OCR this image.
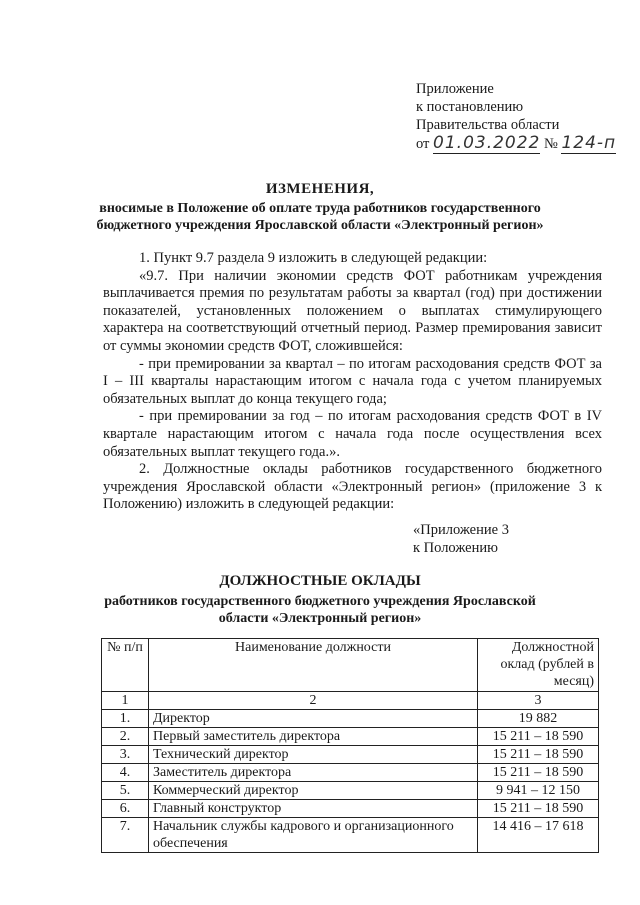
Приложение
к постановлению
Правительства области
от 01.03.2022 № 124-п
ИЗМЕНЕНИЯ,
вносимые в Положение об оплате труда работников государственного
бюджетного учреждения Ярославской области «Электронный регион»

1. Пункт 9.7 раздела 9 изложить в следующей редакции:

«9.7. При наличии экономии средств ФОТ работникам учреждения выплачивается премия по результатам работы за квартал (год) при достижении показателей, установленных положением о выплатах стимулирующего характера на соответствующий отчетный период. Размер премирования зависит от суммы экономии средств ФОТ, сложившейся:

- при премировании за квартал – по итогам расходования средств ФОТ за I – III кварталы нарастающим итогом с начала года с учетом планируемых обязательных выплат до конца текущего года;

- при премировании за год – по итогам расходования средств ФОТ в IV квартале нарастающим итогом с начала года после осуществления всех обязательных выплат текущего года.».

2. Должностные оклады работников государственного бюджетного учреждения Ярославской области «Электронный регион» (приложение 3 к Положению) изложить в следующей редакции:

«Приложение 3
к Положению
ДОЛЖНОСТНЫЕ ОКЛАДЫ
работников государственного бюджетного учреждения Ярославской
области «Электронный регион»
№ п/п	Наименование должности	Должностной оклад (рублей в месяц)
1	2	3
1.	Директор	19 882
2.	Первый заместитель директора	15 211 – 18 590
3.	Технический директор	15 211 – 18 590
4.	Заместитель директора	15 211 – 18 590
5.	Коммерческий директор	9 941 – 12 150
6.	Главный конструктор	15 211 – 18 590
7.	Начальник службы кадрового и организационного обеспечения	14 416 – 17 618
